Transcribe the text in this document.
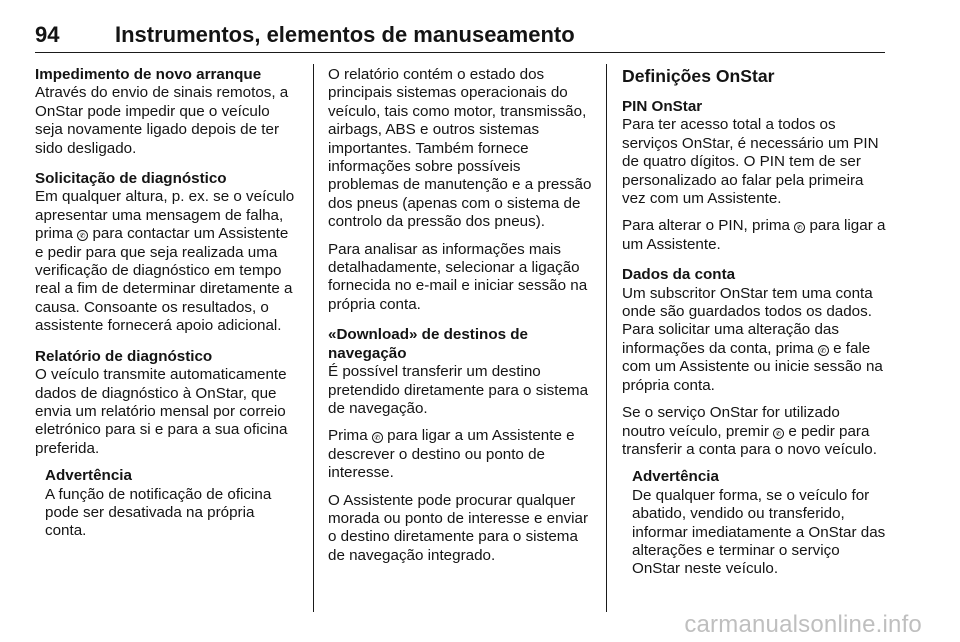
94	Instrumentos, elementos de manuseamento
Impedimento de novo arranque

Através do envio de sinais remotos, a OnStar pode impedir que o veículo seja novamente ligado depois de ter sido desligado.

Solicitação de diagnóstico

Em qualquer altura, p. ex. se o veículo apresentar uma mensagem de falha, prima ✆ para contactar um Assistente e pedir para que seja realizada uma verificação de diagnóstico em tempo real a fim de determinar diretamente a causa. Consoante os resultados, o assistente fornecerá apoio adicional.

Relatório de diagnóstico

O veículo transmite automaticamente dados de diagnóstico à OnStar, que envia um relatório mensal por correio eletrónico para si e para a sua oficina preferida.

Advertência

A função de notificação de oficina pode ser desativada na própria conta.

O relatório contém o estado dos principais sistemas operacionais do veículo, tais como motor, transmissão, airbags, ABS e outros sistemas importantes. Também fornece informações sobre possíveis problemas de manutenção e a pressão dos pneus (apenas com o sistema de controlo da pressão dos pneus).

Para analisar as informações mais detalhadamente, selecionar a ligação fornecida no e-mail e iniciar sessão na própria conta.

«Download» de destinos de navegação

É possível transferir um destino pretendido diretamente para o sistema de navegação.

Prima ✆ para ligar a um Assistente e descrever o destino ou ponto de interesse.

O Assistente pode procurar qualquer morada ou ponto de interesse e enviar o destino diretamente para o sistema de navegação integrado.

Definições OnStar
PIN OnStar

Para ter acesso total a todos os serviços OnStar, é necessário um PIN de quatro dígitos. O PIN tem de ser personalizado ao falar pela primeira vez com um Assistente.

Para alterar o PIN, prima ✆ para ligar a um Assistente.

Dados da conta

Um subscritor OnStar tem uma conta onde são guardados todos os dados. Para solicitar uma alteração das informações da conta, prima ✆ e fale com um Assistente ou inicie sessão na própria conta.

Se o serviço OnStar for utilizado noutro veículo, premir ✆ e pedir para transferir a conta para o novo veículo.

Advertência

De qualquer forma, se o veículo for abatido, vendido ou transferido, informar imediatamente a OnStar das alterações e terminar o serviço OnStar neste veículo.

carmanualsonline.info
